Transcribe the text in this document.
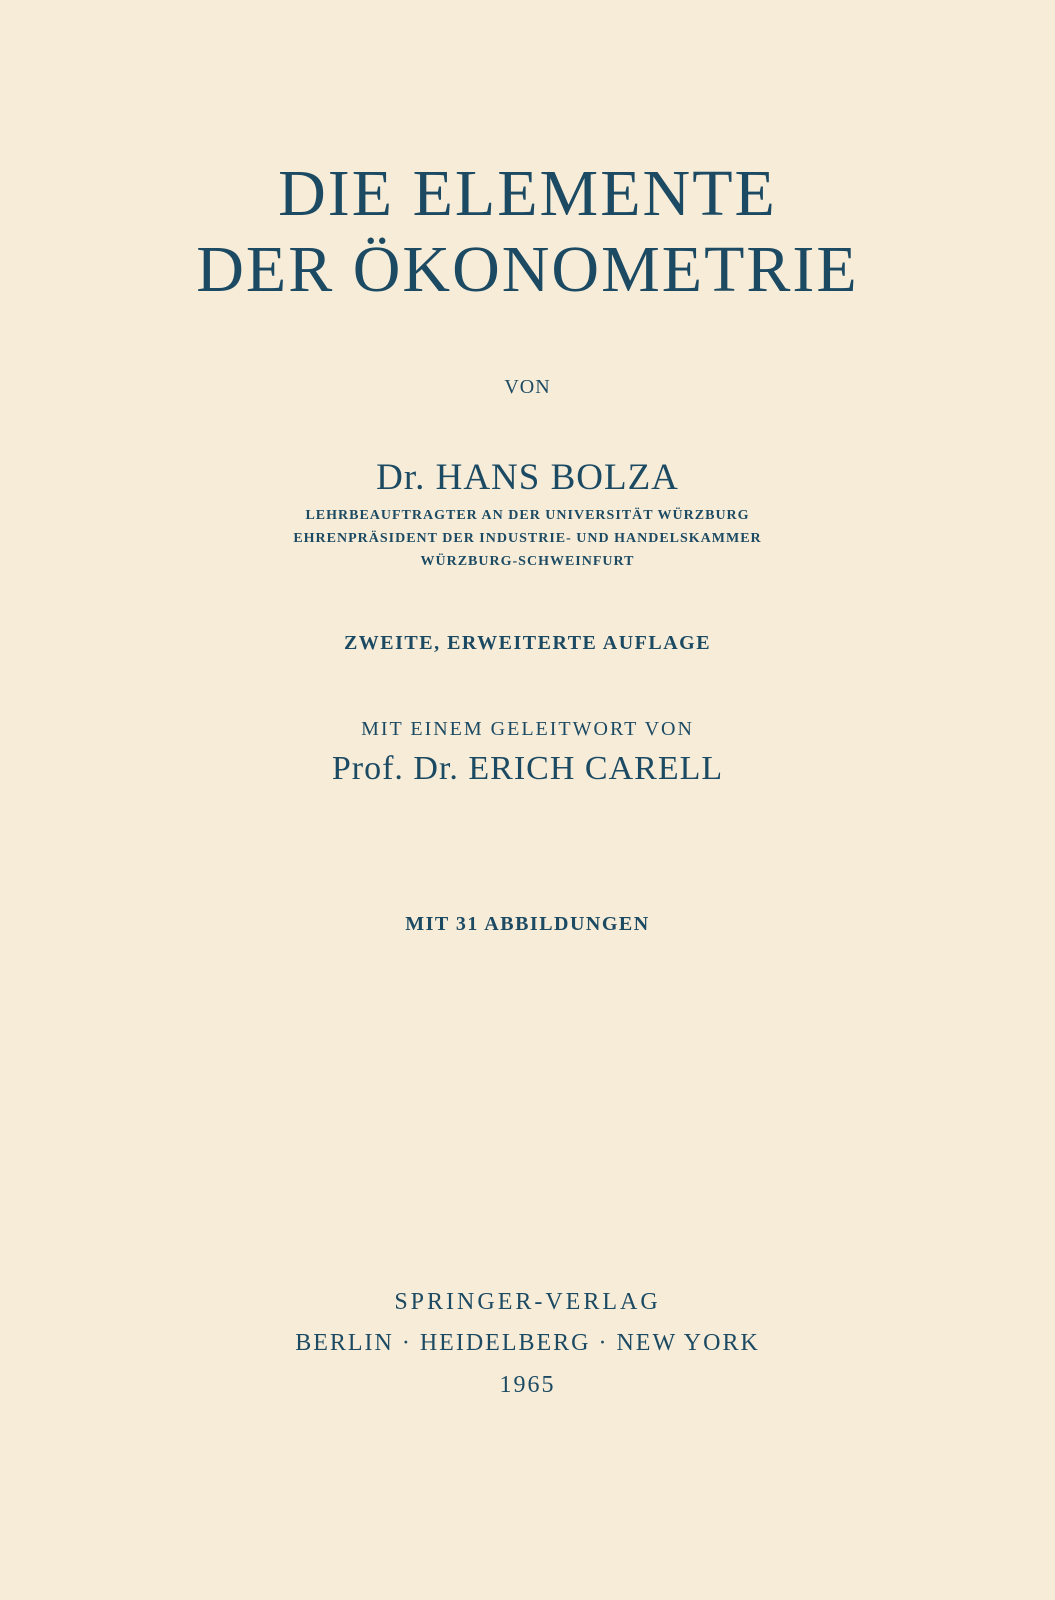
DIE ELEMENTE
DER ÖKONOMETRIE
VON
Dr. HANS BOLZA
LEHRBEAUFTRAGTER AN DER UNIVERSITÄT WÜRZBURG
EHRENPRÄSIDENT DER INDUSTRIE- UND HANDELSKAMMER
WÜRZBURG-SCHWEINFURT
ZWEITE, ERWEITERTE AUFLAGE
MIT EINEM GELEITWORT VON
Prof. Dr. ERICH CARELL
MIT 31 ABBILDUNGEN
SPRINGER-VERLAG
BERLIN · HEIDELBERG · NEW YORK
1965
